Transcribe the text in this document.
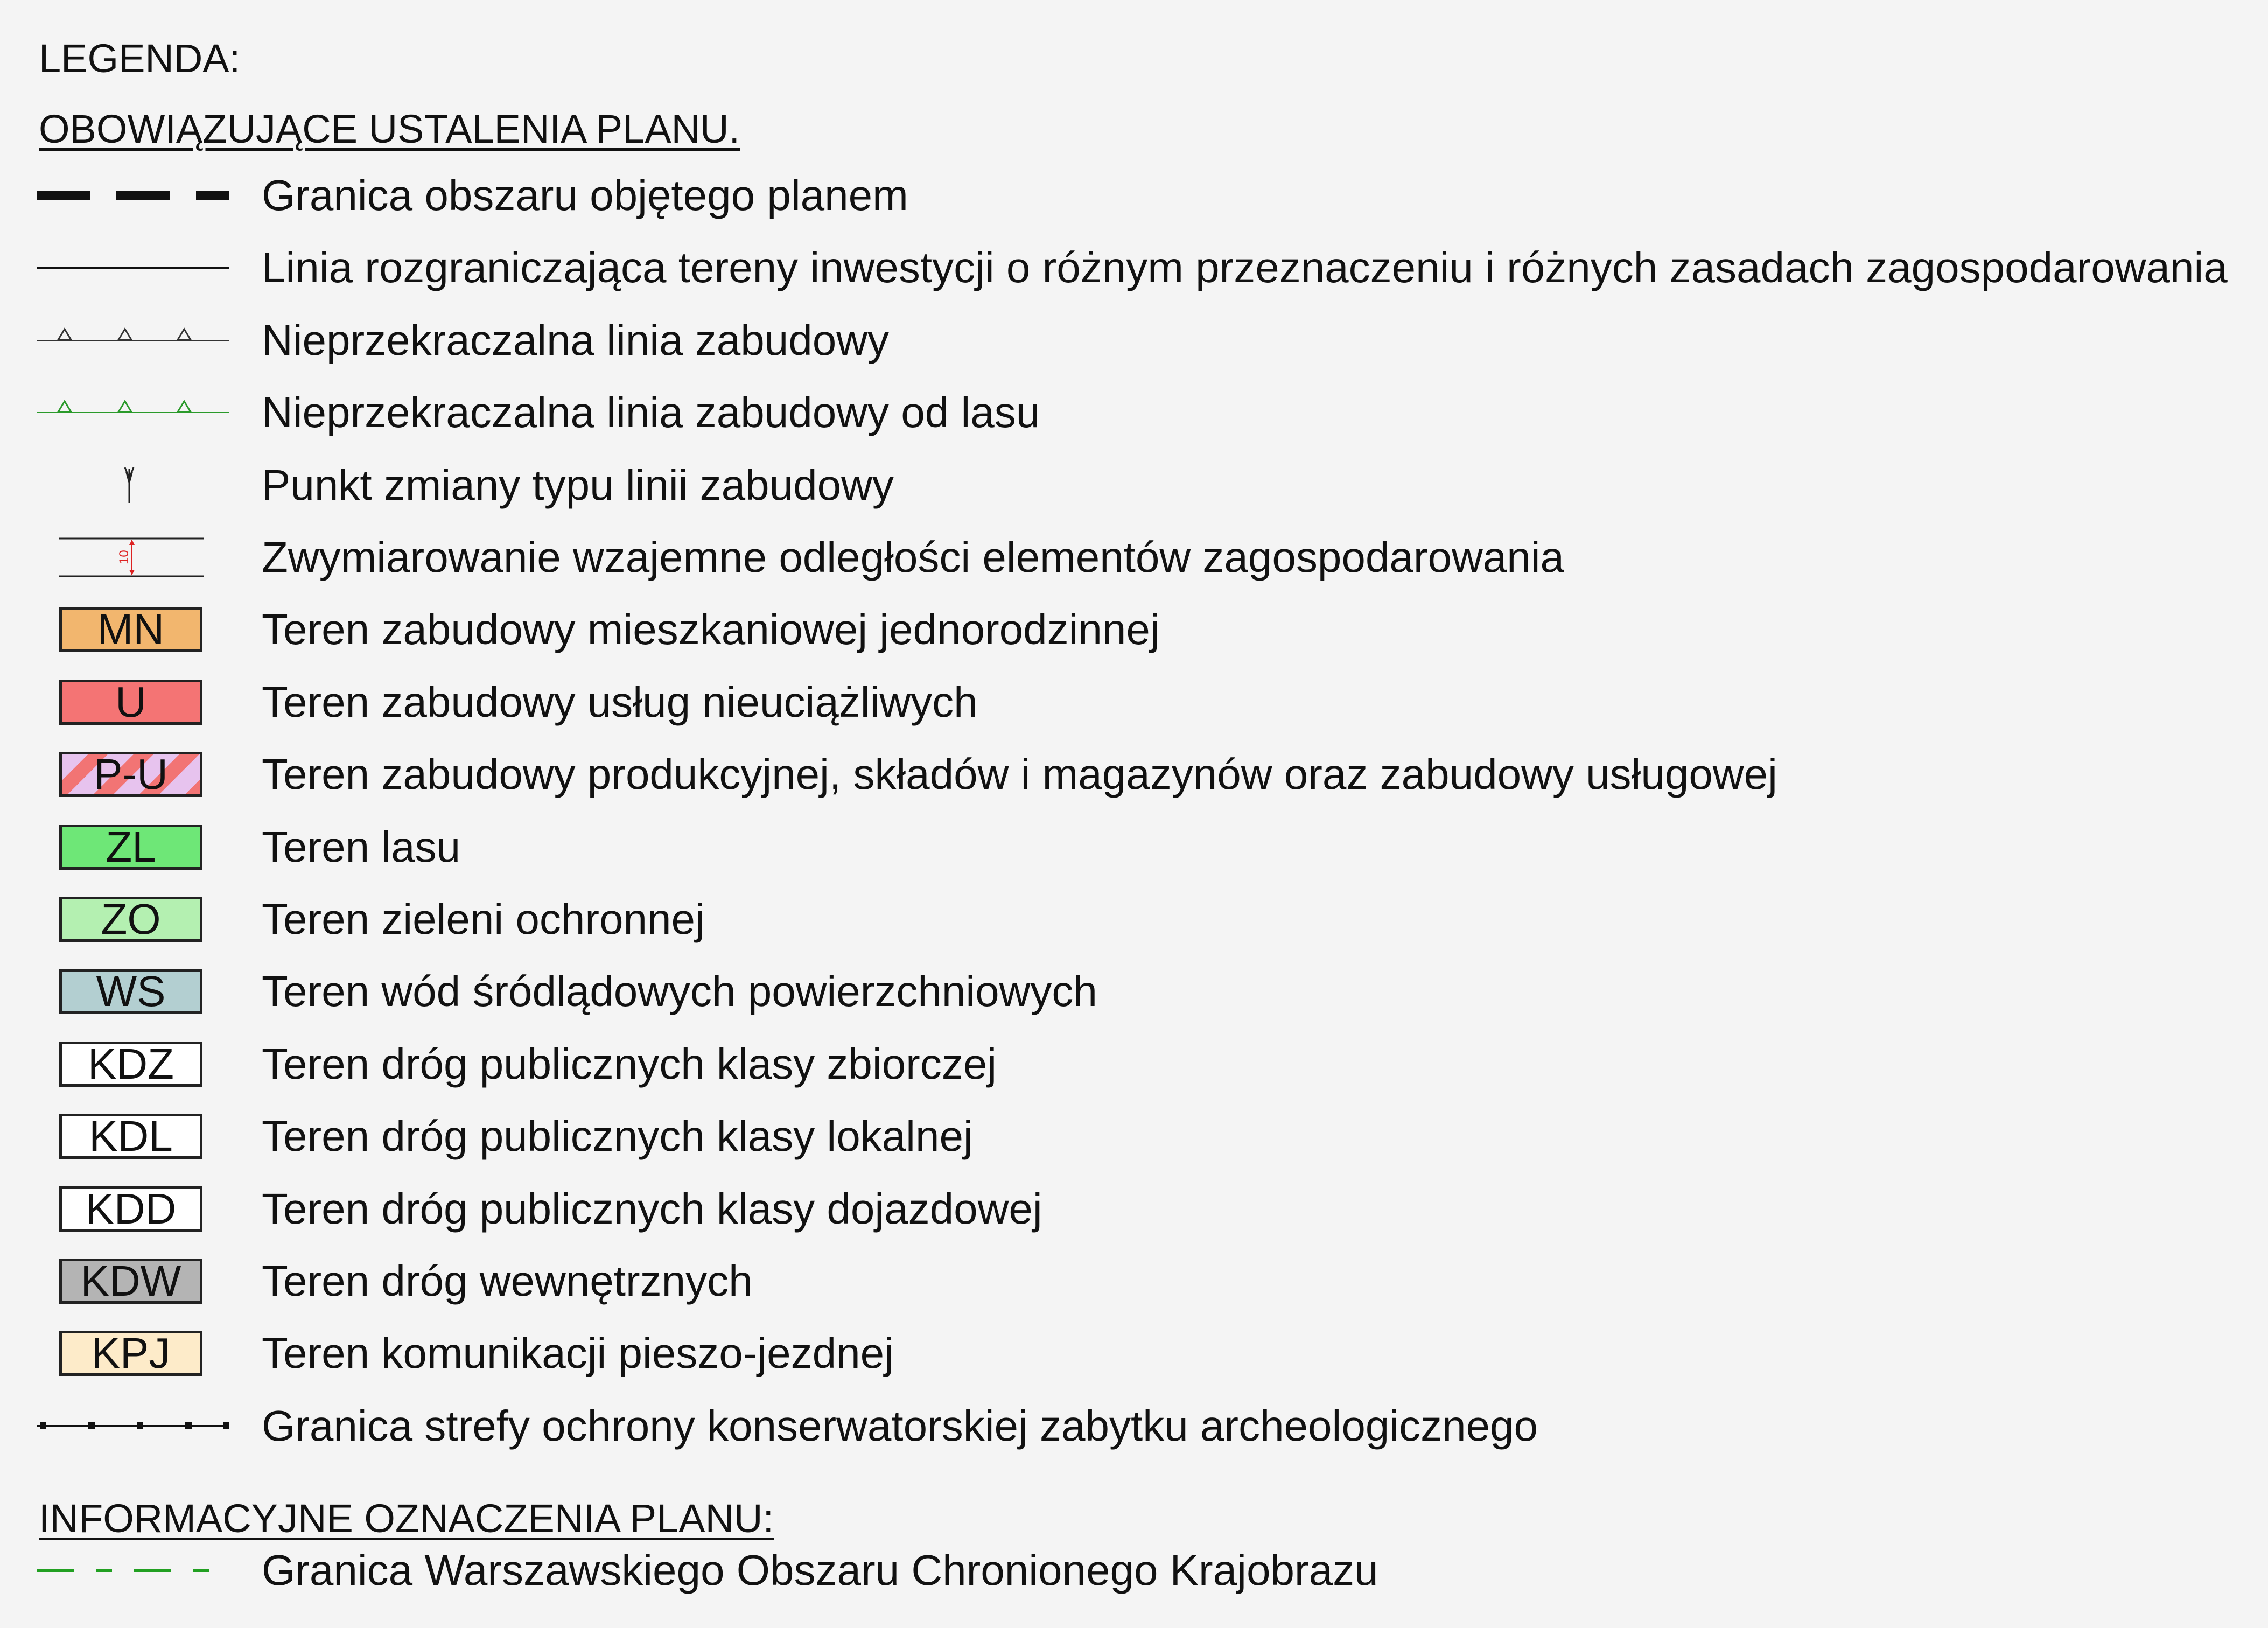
LEGENDA:
OBOWIĄZUJĄCE USTALENIA PLANU.
Granica obszaru objętego planem
Linia rozgraniczająca tereny inwestycji o różnym przeznaczeniu i różnych zasadach zagospodarowania
Nieprzekraczalna linia zabudowy
Nieprzekraczalna linia zabudowy od lasu
Punkt zmiany typu linii zabudowy
10	Zwymiarowanie wzajemne odległości elementów zagospodarowania
MN	Teren zabudowy mieszkaniowej jednorodzinnej
U	Teren zabudowy usług nieuciążliwych
P-U	Teren zabudowy produkcyjnej, składów i magazynów oraz zabudowy usługowej
ZL	Teren lasu
ZO	Teren zieleni ochronnej
WS	Teren wód śródlądowych powierzchniowych
KDZ	Teren dróg publicznych klasy zbiorczej
KDL	Teren dróg publicznych klasy lokalnej
KDD	Teren dróg publicznych klasy dojazdowej
KDW	Teren dróg wewnętrznych
KPJ	Teren komunikacji pieszo-jezdnej
Granica strefy ochrony konserwatorskiej zabytku archeologicznego
INFORMACYJNE OZNACZENIA PLANU:
Granica Warszawskiego Obszaru Chronionego Krajobrazu
